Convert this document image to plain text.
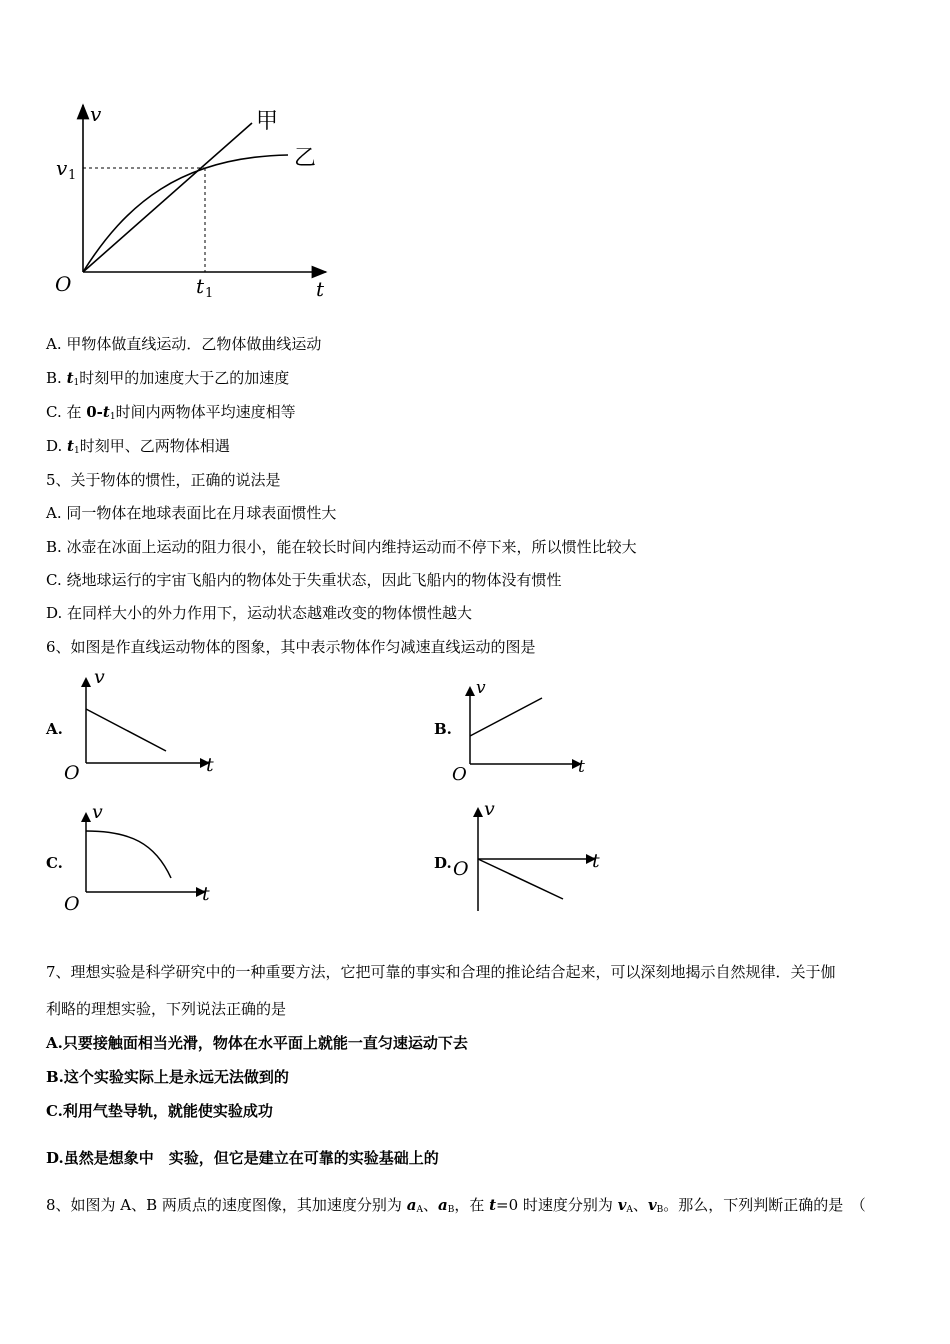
v
t
O
v 1
t 1
甲
乙
A. 甲物体做直线运动．乙物体做曲线运动
B. $t_1$时刻甲的加速度大于乙的加速度
C. 在 $0-t_1$时间内两物体平均速度相等
D. $t_1$时刻甲、乙两物体相遇
5、关于物体的惯性，正确的说法是
A. 同一物体在地球表面比在月球表面惯性大
B. 冰壶在冰面上运动的阻力很小，能在较长时间内维持运动而不停下来，所以惯性比较大
C. 绕地球运行的宇宙飞船内的物体处于失重状态，因此飞船内的物体没有惯性
D. 在同样大小的外力作用下，运动状态越难改变的物体惯性越大
6、如图是作直线运动物体的图象，其中表示物体作匀减速直线运动的图是
A.
v
t
O
B.
v
t
O
C.
v
t
O
D.
v
t
O
7、理想实验是科学研究中的一种重要方法，它把可靠的事实和合理的推论结合起来，可以深刻地揭示自然规律．关于伽
利略的理想实验，下列说法正确的是
A.只要接触面相当光滑，物体在水平面上就能一直匀速运动下去
B.这个实验实际上是永远无法做到的
C.利用气垫导轨，就能使实验成功
D.虽然是想象中　实验，但它是建立在可靠的实验基础上的
8、如图为 A、B 两质点的速度图像，其加速度分别为 $a_A$、$a_B$，在 t=0 时速度分别为 $v_A$、$v_B$。那么，下列判断正确的是　（
